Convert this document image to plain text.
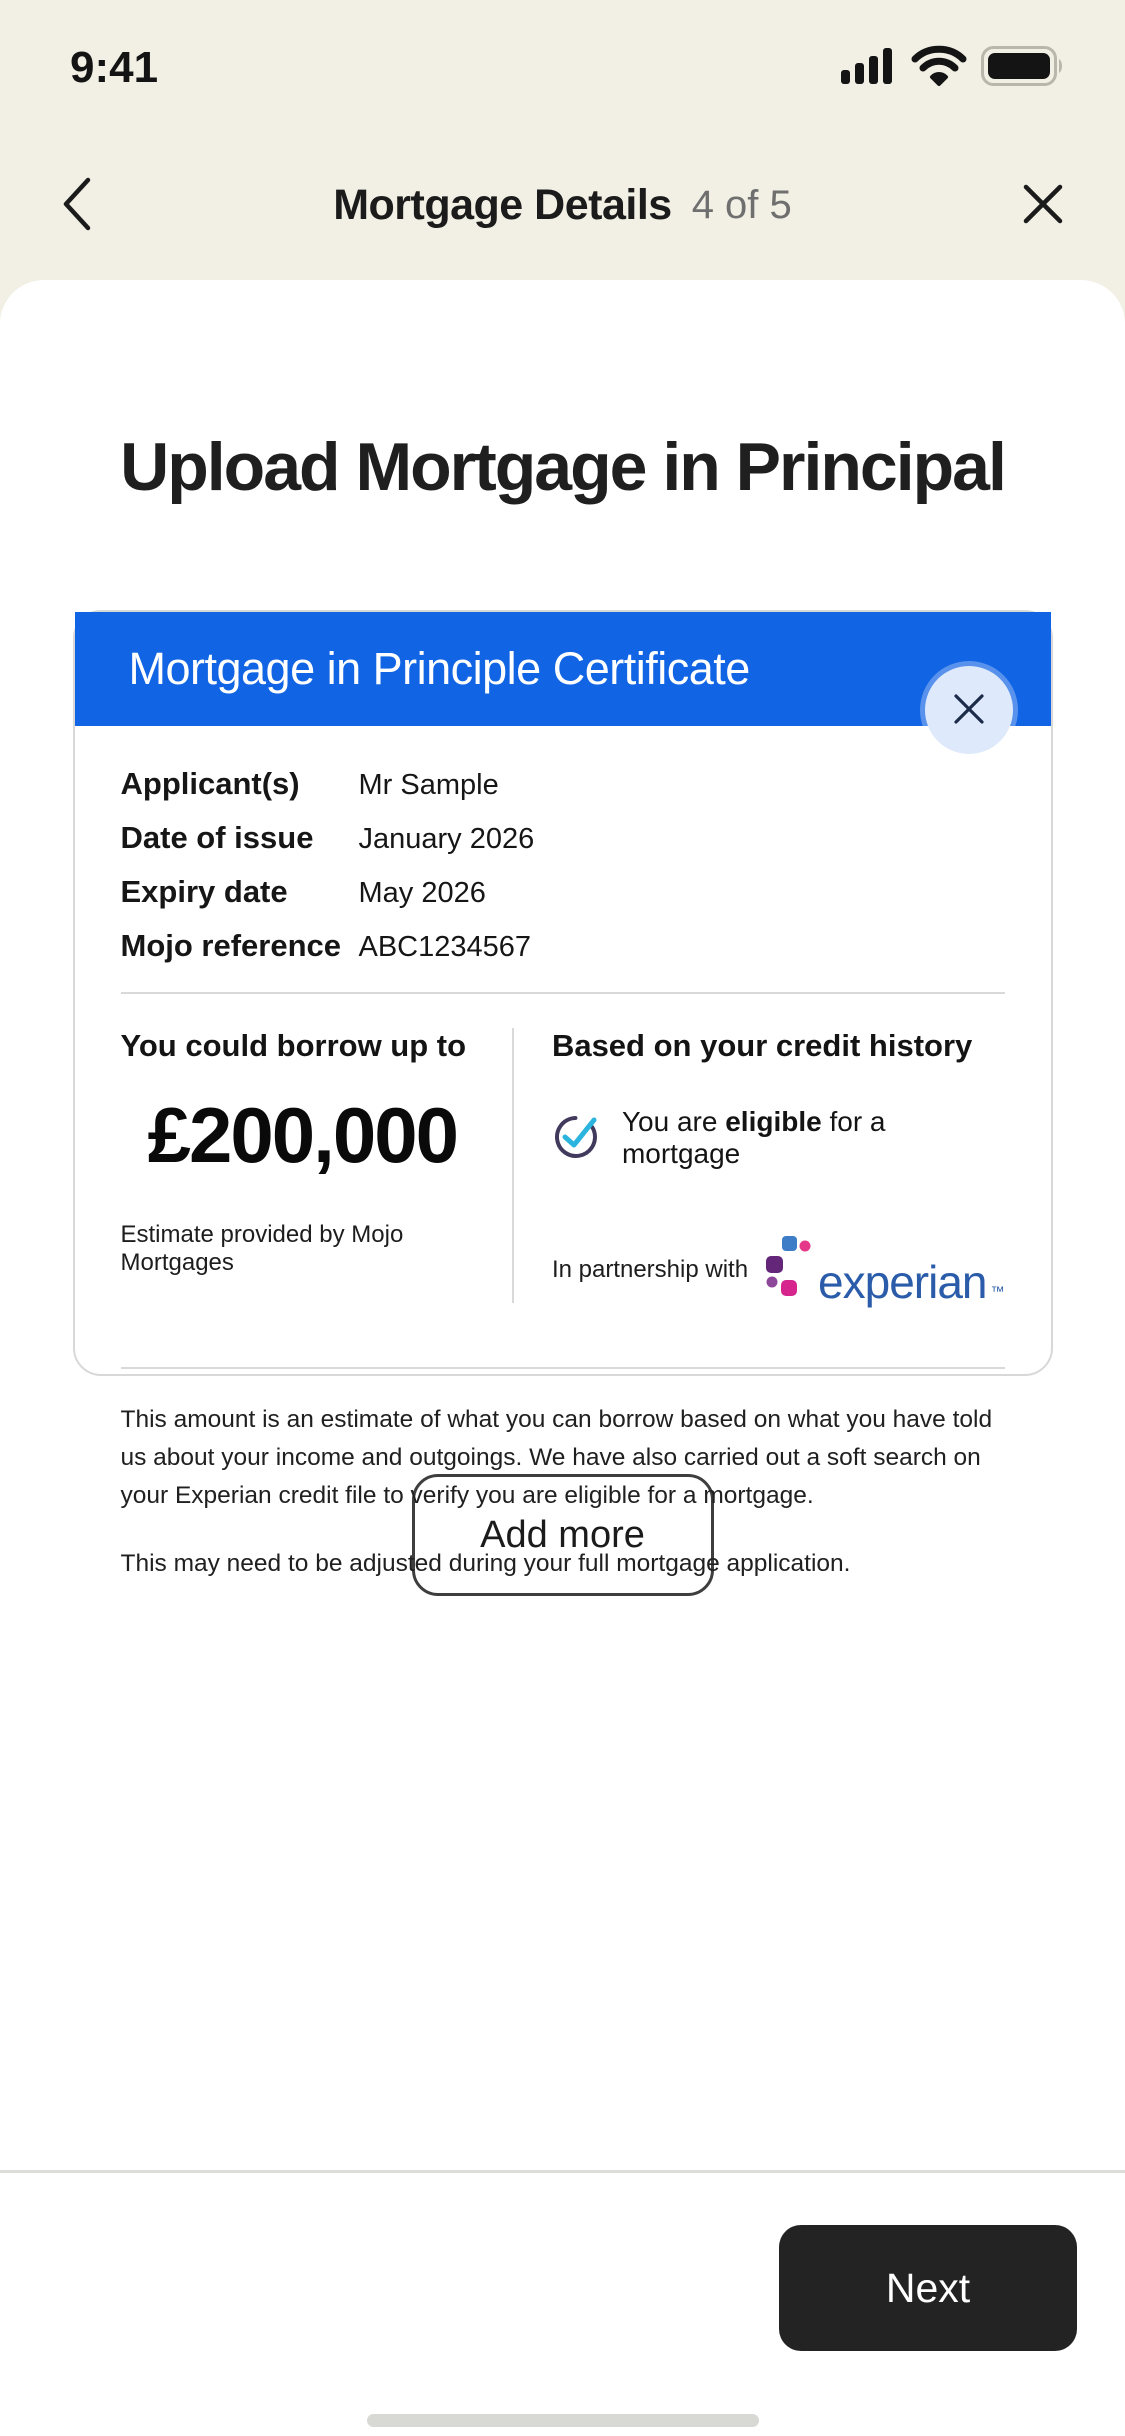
9:41
Mortgage Details 4 of 5
Upload Mortgage in Principal
Mortgage in Principle Certificate
Applicant(s)	Mr Sample
Date of issue	January 2026
Expiry date	May 2026
Mojo reference ABC1234567
You could borrow up to
£200,000
Estimate provided by Mojo Mortgages
Based on your credit history
You are eligible for a mortgage
In partnership with experian ™

This amount is an estimate of what you can borrow based on what you have told us about your income and outgoings. We have also carried out a soft search on your Experian credit file to verify you are eligible for a mortgage.

This may need to be adjusted during your full mortgage application.

Add more
Next
